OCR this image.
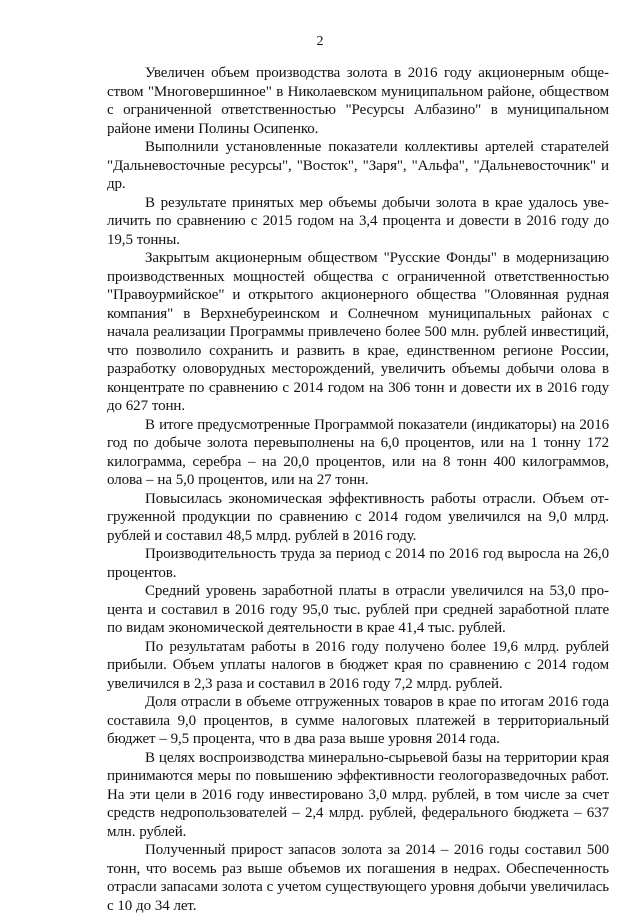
2

Увеличен объем производства золота в 2016 году акционерным обществом "Многовершинное" в Николаевском муниципальном районе, обществом с ограниченной ответственностью "Ресурсы Албазино" в муниципальном районе имени Полины Осипенко.

Выполнили установленные показатели коллективы артелей старателей "Дальневосточные ресурсы", "Восток", "Заря", "Альфа", "Дальневосточник" и др.

В результате принятых мер объемы добычи золота в крае удалось увеличить по сравнению с 2015 годом на 3,4 процента и довести в 2016 году до 19,5 тонны.

Закрытым акционерным обществом "Русские Фонды" в модернизацию производственных мощностей общества с ограниченной ответственностью "Правоурмийское" и открытого акционерного общества "Оловянная рудная компания" в Верхнебуреинском и Солнечном муниципальных районах с начала реализации Программы привлечено более 500 млн. рублей инвестиций, что позволило сохранить и развить в крае, единственном регионе России, разработку оловорудных месторождений, увеличить объемы добычи олова в концентрате по сравнению с 2014 годом на 306 тонн и довести их в 2016 году до 627 тонн.

В итоге предусмотренные Программой показатели (индикаторы) на 2016 год по добыче золота перевыполнены на 6,0 процентов, или на 1 тонну 172 килограмма, серебра – на 20,0 процентов, или на 8 тонн 400 килограммов, олова – на 5,0 процентов, или на 27 тонн.

Повысилась экономическая эффективность работы отрасли. Объем отгруженной продукции по сравнению с 2014 годом увеличился на 9,0 млрд. рублей и составил 48,5 млрд. рублей в 2016 году.

Производительность труда за период с 2014 по 2016 год выросла на 26,0 процентов.

Средний уровень заработной платы в отрасли увеличился на 53,0 процента и составил в 2016 году 95,0 тыс. рублей при средней заработной плате по видам экономической деятельности в крае 41,4 тыс. рублей.

По результатам работы в 2016 году получено более 19,6 млрд. рублей прибыли. Объем уплаты налогов в бюджет края по сравнению с 2014 годом увеличился в 2,3 раза и составил в 2016 году 7,2 млрд. рублей.

Доля отрасли в объеме отгруженных товаров в крае по итогам 2016 года составила 9,0 процентов, в сумме налоговых платежей в территориальный бюджет – 9,5 процента, что в два раза выше уровня 2014 года.

В целях воспроизводства минерально-сырьевой базы на территории края принимаются меры по повышению эффективности геологоразведочных работ. На эти цели в 2016 году инвестировано 3,0 млрд. рублей, в том числе за счет средств недропользователей – 2,4 млрд. рублей, федерального бюджета – 637 млн. рублей.

Полученный прирост запасов золота за 2014 – 2016 годы составил 500 тонн, что восемь раз выше объемов их погашения в недрах. Обеспеченность отрасли запасами золота с учетом существующего уровня добычи увеличилась с 10 до 34 лет.
